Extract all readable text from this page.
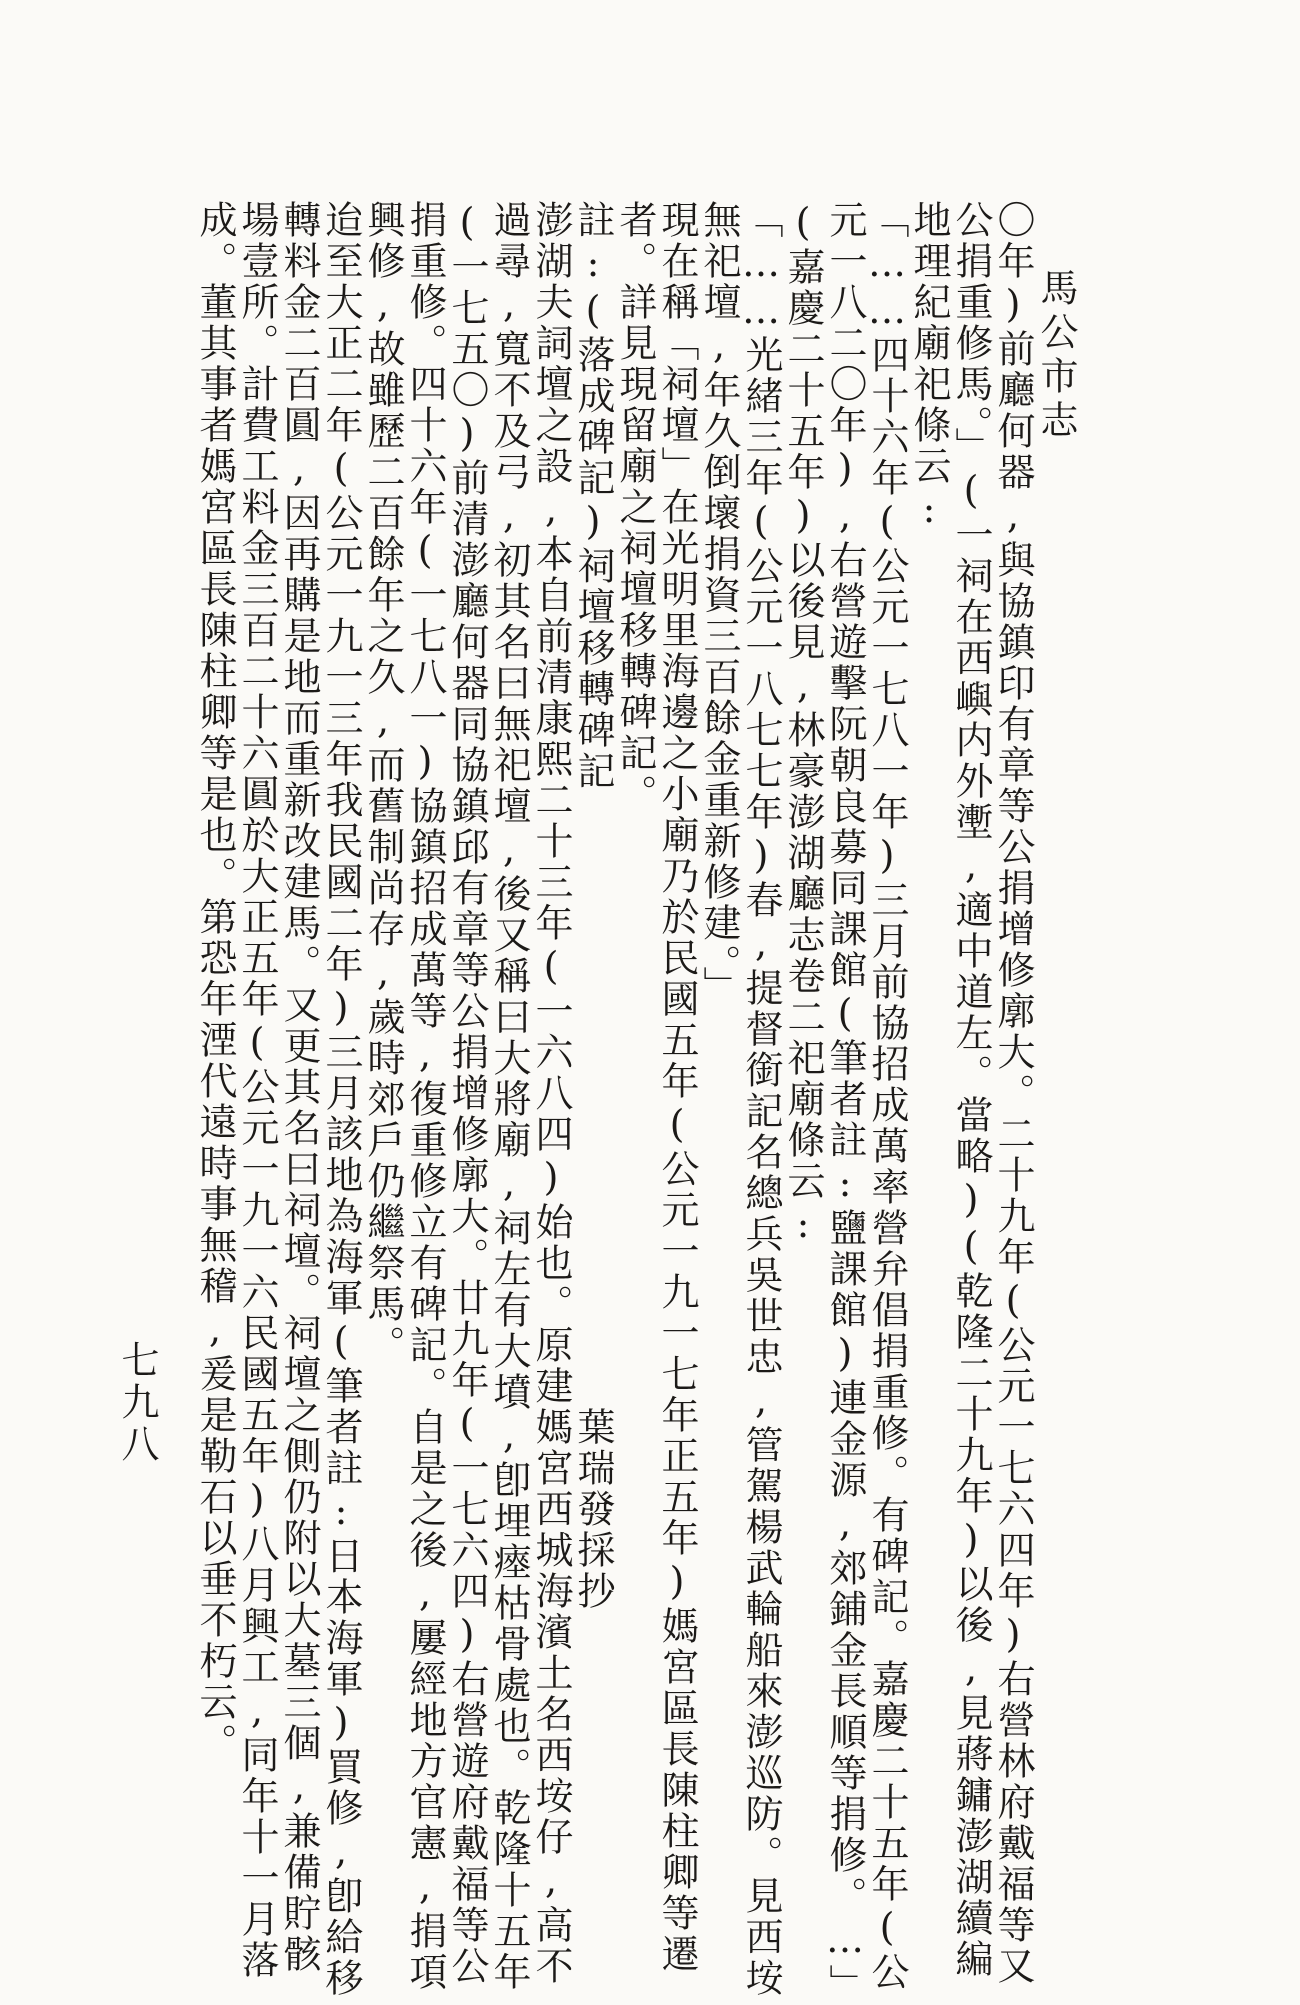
馬公市志
〇年)前廳何器,與協鎮印有章等公捐增修廓大。二十九年(公元一七六四年)右營林府戴福等又
公捐重修馬。」(一祠在西嶼内外壍,適中道左。當略)(乾隆二十九年)以後,見蔣鏞澎湖續編
地理紀廟祀條云:
「……四十六年(公元一七八一年)三月前協招成萬率營弁倡捐重修。有碑記。嘉慶二十五年(公
元一八二〇年),右營遊擊阮朝良募同課館(筆者註:鹽課館)連金源,郊鋪金長順等捐修。…」
(嘉慶二十五年)以後見,林豪澎湖廳志卷二祀廟條云:
「……光緒三年(公元一八七七年)春,提督銜記名總兵吳世忠,管駕楊武輪船來澎巡防。見西垵
無祀壇,年久倒壞捐資三百餘金重新修建。」
現在稱「祠壇」在光明里海邊之小廟乃於民國五年(公元一九一七年正五年)媽宮區長陳柱卿等遷
者。詳見現留廟之祠壇移轉碑記。
註:(落成碑記)祠壇移轉碑記　　　　　　　　　　　　　　　葉瑞發採抄
澎湖夫詞壇之設,本自前清康熙二十三年(一六八四)始也。原建媽宮西城海濱土名西垵仔,高不
過尋,寬不及弓,初其名曰無祀壇,後又稱曰大將廟,祠左有大墳,卽埋瘞枯骨處也。乾隆十五年
(一七五〇)前清澎廳何器同協鎮邱有章等公捐增修廓大。廿九年(一七六四)右營遊府戴福等公
捐重修。四十六年(一七八一)協鎮招成萬等,復重修立有碑記。自是之後,屢經地方官憲,捐項
興修,故雖歷二百餘年之久,而舊制尚存,歲時郊戶仍繼祭馬。
迨至大正二年(公元一九一三年我民國二年)三月該地為海軍(筆者註:日本海軍)買修,卽給移
轉料金二百圓,因再購是地而重新改建馬。又更其名曰祠壇。祠壇之側仍附以大墓三個,兼備貯骸
場壹所。計費工料金三百二十六圓於大正五年(公元一九一六民國五年)八月興工,同年十一月落
成。董其事者媽宮區長陳柱卿等是也。第恐年湮代遠時事無稽,爰是勒石以垂不朽云。
七九八
